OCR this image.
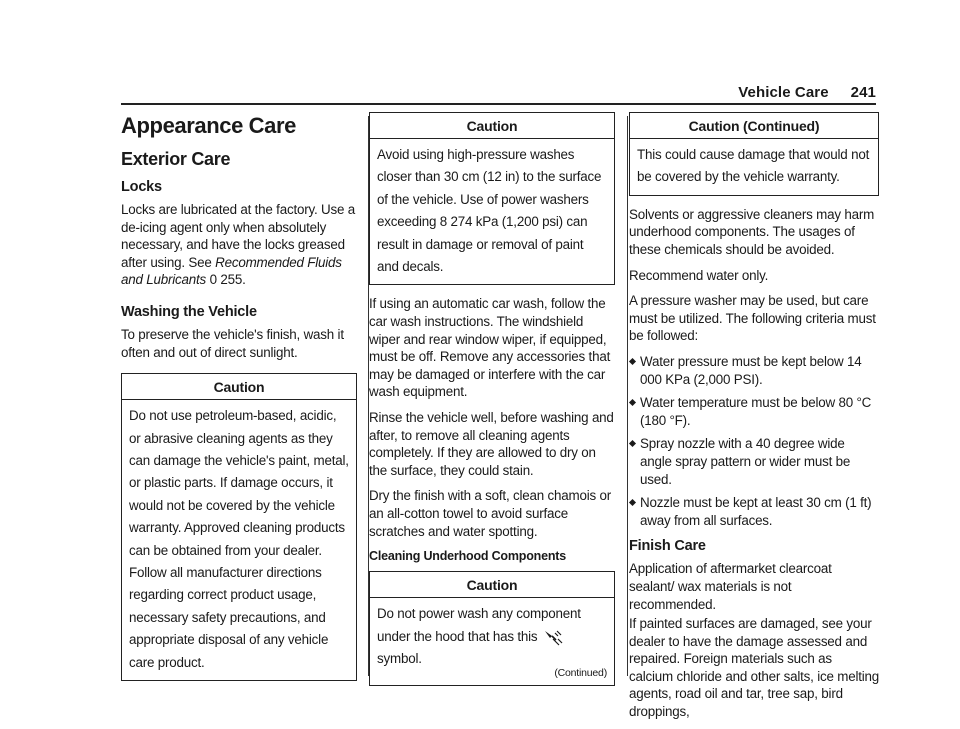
Vehicle Care 241
Appearance Care
Exterior Care
Locks

Locks are lubricated at the factory. Use a de-icing agent only when absolutely necessary, and have the locks greased after using. See Recommended Fluids and Lubricants 0 255.

Washing the Vehicle

To preserve the vehicle's finish, wash it often and out of direct sunlight.

Caution
Do not use petroleum-based, acidic, or abrasive cleaning agents as they can damage the vehicle's paint, metal, or plastic parts. If damage occurs, it would not be covered by the vehicle warranty. Approved cleaning products can be obtained from your dealer. Follow all manufacturer directions regarding correct product usage, necessary safety precautions, and appropriate disposal of any vehicle care product.
Caution
Avoid using high-pressure washes closer than 30 cm (12 in) to the surface of the vehicle. Use of power washers exceeding 8 274 kPa (1,200 psi) can result in damage or removal of paint and decals.

If using an automatic car wash, follow the car wash instructions. The windshield wiper and rear window wiper, if equipped, must be off. Remove any accessories that may be damaged or interfere with the car wash equipment.

Rinse the vehicle well, before washing and after, to remove all cleaning agents completely. If they are allowed to dry on the surface, they could stain.

Dry the finish with a soft, clean chamois or an all-cotton towel to avoid surface scratches and water spotting.

Cleaning Underhood Components
Caution
Do not power wash any component under the hood that has this
symbol.
(Continued)
Caution (Continued)
This could cause damage that would not be covered by the vehicle warranty.

Solvents or aggressive cleaners may harm underhood components. The usages of these chemicals should be avoided.

Recommend water only.

A pressure washer may be used, but care must be utilized. The following criteria must be followed:

Water pressure must be kept below 14 000 KPa (2,000 PSI).
Water temperature must be below 80 °C (180 °F).
Spray nozzle with a 40 degree wide angle spray pattern or wider must be used.
Nozzle must be kept at least 30 cm (1 ft) away from all surfaces.
Finish Care

Application of aftermarket clearcoat sealant/ wax materials is not recommended.

If painted surfaces are damaged, see your dealer to have the damage assessed and repaired. Foreign materials such as calcium chloride and other salts, ice melting agents, road oil and tar, tree sap, bird droppings,
